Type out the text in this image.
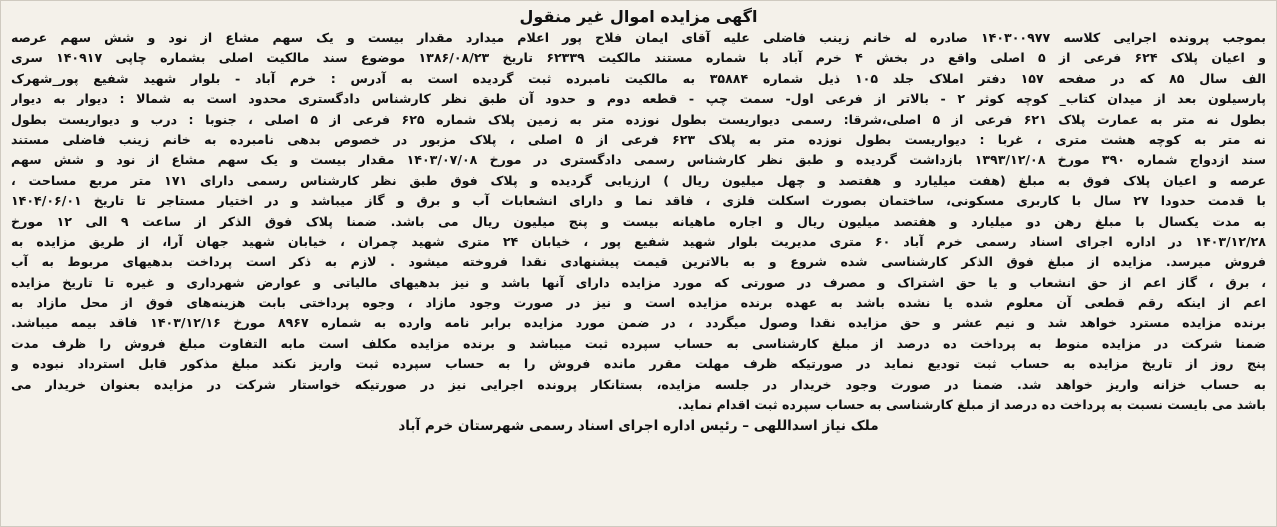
اگهی مزایده اموال غیر منقول
بموجب پرونده اجرایی کلاسه ۱۴۰۳۰۰۹۷۷ صادره له خانم زینب فاضلی علیه آقای ایمان فلاح پور اعلام میدارد مقدار بیست و یک سهم مشاع از نود و شش سهم عرصه
و اعیان پلاک ۶۲۴ فرعی از ۵ اصلی واقع در بخش ۴ خرم آباد با شماره مستند مالکیت ۶۲۳۳۹ تاریخ ۱۳۸۶/۰۸/۲۳ موضوع سند مالکیت اصلی بشماره چاپی ۱۴۰۹۱۷ سری
الف سال ۸۵ که در صفحه ۱۵۷ دفتر املاک جلد ۱۰۵ ذیل شماره ۳۵۸۸۴ به مالکیت نامبرده ثبت گردیده است به آدرس : خرم آباد - بلوار شهید شفیع پور_شهرک
پارسیلون بعد از میدان کتاب_ کوچه کوثر ۲ - بالاتر از فرعی اول- سمت چپ - قطعه دوم و حدود آن طبق نظر کارشناس دادگستری محدود است به شمالا : دیوار به دیوار
بطول نه متر به عمارت پلاک ۶۲۱ فرعی از ۵ اصلی،شرقا: رسمی دیواریست بطول نوزده متر به زمین پلاک شماره ۶۲۵ فرعی از ۵ اصلی ، جنوبا : درب و دیواریست بطول
نه متر به کوچه هشت متری ، غربا : دیواریست بطول نوزده متر به پلاک ۶۲۳ فرعی از ۵ اصلی ، پلاک مزبور در خصوص بدهی نامبرده به خانم زینب فاضلی مستند
سند ازدواج شماره ۳۹۰ مورخ ۱۳۹۳/۱۲/۰۸ بازداشت گردیده و طبق نظر کارشناس رسمی دادگستری در مورخ ۱۴۰۳/۰۷/۰۸ مقدار بیست و یک سهم مشاع از نود و شش سهم
عرصه و اعیان پلاک فوق به مبلغ (هفت میلیارد و هفتصد و چهل میلیون ریال ) ارزیابی گردیده و پلاک فوق طبق نظر کارشناس رسمی دارای ۱۷۱ متر مربع مساحت ،
با قدمت حدودا ۲۷ سال با کاربری مسکونی، ساختمان بصورت اسکلت فلزی ، فاقد نما و دارای انشعابات آب و برق و گاز میباشد و در اختیار مستاجر تا تاریخ ۱۴۰۴/۰۶/۰۱
به مدت یکسال با مبلغ رهن دو میلیارد و هفتصد میلیون ریال و اجاره ماهیانه بیست و پنج میلیون ریال می باشد. ضمنا پلاک فوق الذکر از ساعت ۹ الی ۱۲ مورخ
۱۴۰۳/۱۲/۲۸ در اداره اجرای اسناد رسمی خرم آباد ۶۰ متری مدیریت بلوار شهید شفیع پور ، خیابان ۲۴ متری شهید چمران ، خیابان شهید جهان آرا، از طریق مزایده به
فروش میرسد. مزایده از مبلغ فوق الذکر کارشناسی شده شروع و به بالاترین قیمت پیشنهادی نقدا فروخته میشود . لازم به ذکر است پرداخت بدهیهای مربوط به آب
، برق ، گاز اعم از حق انشعاب و یا حق اشتراک و مصرف در صورتی که مورد مزایده دارای آنها باشد و نیز بدهیهای مالیاتی و عوارض شهرداری و غیره تا تاریخ مزایده
اعم از اینکه رقم قطعی آن معلوم شده یا نشده باشد به عهده برنده مزایده است و نیز در صورت وجود مازاد ، وجوه پرداختی بابت هزینه‌های فوق از محل مازاد به
برنده مزایده مسترد خواهد شد و نیم عشر و حق مزایده نقدا وصول میگردد ، در ضمن مورد مزایده برابر نامه وارده به شماره ۸۹۶۷ مورخ ۱۴۰۳/۱۲/۱۶ فاقد بیمه میباشد.
ضمنا شرکت در مزایده منوط به پرداخت ده درصد از مبلغ کارشناسی به حساب سپرده ثبت میباشد و برنده مزایده مکلف است مابه التفاوت مبلغ فروش را ظرف مدت
پنج روز از تاریخ مزایده به حساب ثبت تودیع نماید در صورتیکه ظرف مهلت مقرر مانده فروش را به حساب سپرده ثبت واریز نکند مبلغ مذکور قابل استرداد نبوده و
به حساب خزانه واریز خواهد شد. ضمنا در صورت وجود خریدار در جلسه مزایده، بستانکار پرونده اجرایی نیز در صورتیکه خواستار شرکت در مزایده بعنوان خریدار می
باشد می بایست نسبت به پرداخت ده درصد از مبلغ کارشناسی به حساب سپرده ثبت اقدام نماید.
ملک نیاز اسداللهی – رئیس اداره اجرای اسناد رسمی شهرستان خرم آباد
